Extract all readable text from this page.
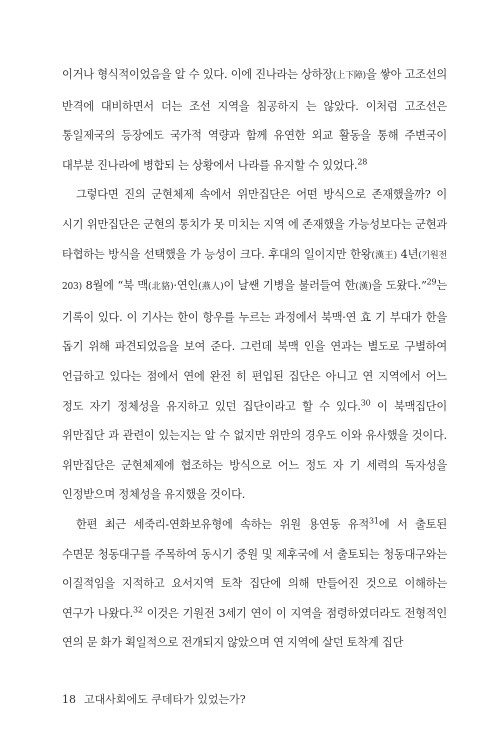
이거나 형식적이었음을 알 수 있다. 이에 진나라는 상하장(上下障)을 쌓아 고조선의 반격에 대비하면서 더는 조선 지역을 침공하지 는 않았다. 이처럼 고조선은 통일제국의 등장에도 국가적 역량과 함께 유연한 외교 활동을 통해 주변국이 대부분 진나라에 병합되 는 상황에서 나라를 유지할 수 있었다.$^{28}$

그렇다면 진의 군현체제 속에서 위만집단은 어떤 방식으로 존재했을까? 이 시기 위만집단은 군현의 통치가 못 미치는 지역 에 존재했을 가능성보다는 군현과 타협하는 방식을 선택했을 가 능성이 크다. 후대의 일이지만 한왕(漢王) 4년(기원전 203) 8월에 “북 맥(北貉)·연인(燕人)이 날쌘 기병을 불러들여 한(漢)을 도왔다.”$^{29}$는 기록이 있다. 이 기사는 한이 항우를 누르는 과정에서 북맥·연 효 기 부대가 한을 돕기 위해 파견되었음을 보여 준다. 그런데 북맥 인을 연과는 별도로 구별하여 언급하고 있다는 점에서 연에 완전 히 편입된 집단은 아니고 연 지역에서 어느 정도 자기 정체성을 유지하고 있던 집단이라고 할 수 있다.$^{30}$ 이 북맥집단이 위만집단 과 관련이 있는지는 알 수 없지만 위만의 경우도 이와 유사했을 것이다. 위만집단은 군현체제에 협조하는 방식으로 어느 정도 자 기 세력의 독자성을 인정받으며 정체성을 유지했을 것이다.

한편 최근 세죽리-연화보유형에 속하는 위원 용연동 유적$^{31}$에 서 출토된 수면문 청동대구를 주목하여 동시기 중원 및 제후국에 서 출토되는 청동대구와는 이질적임을 지적하고 요서지역 토착 집단에 의해 만들어진 것으로 이해하는 연구가 나왔다.$^{32}$ 이것은 기원전 3세기 연이 이 지역을 점령하였더라도 전형적인 연의 문 화가 획일적으로 전개되지 않았으며 연 지역에 살던 토착계 집단

18 고대사회에도 쿠데타가 있었는가?
